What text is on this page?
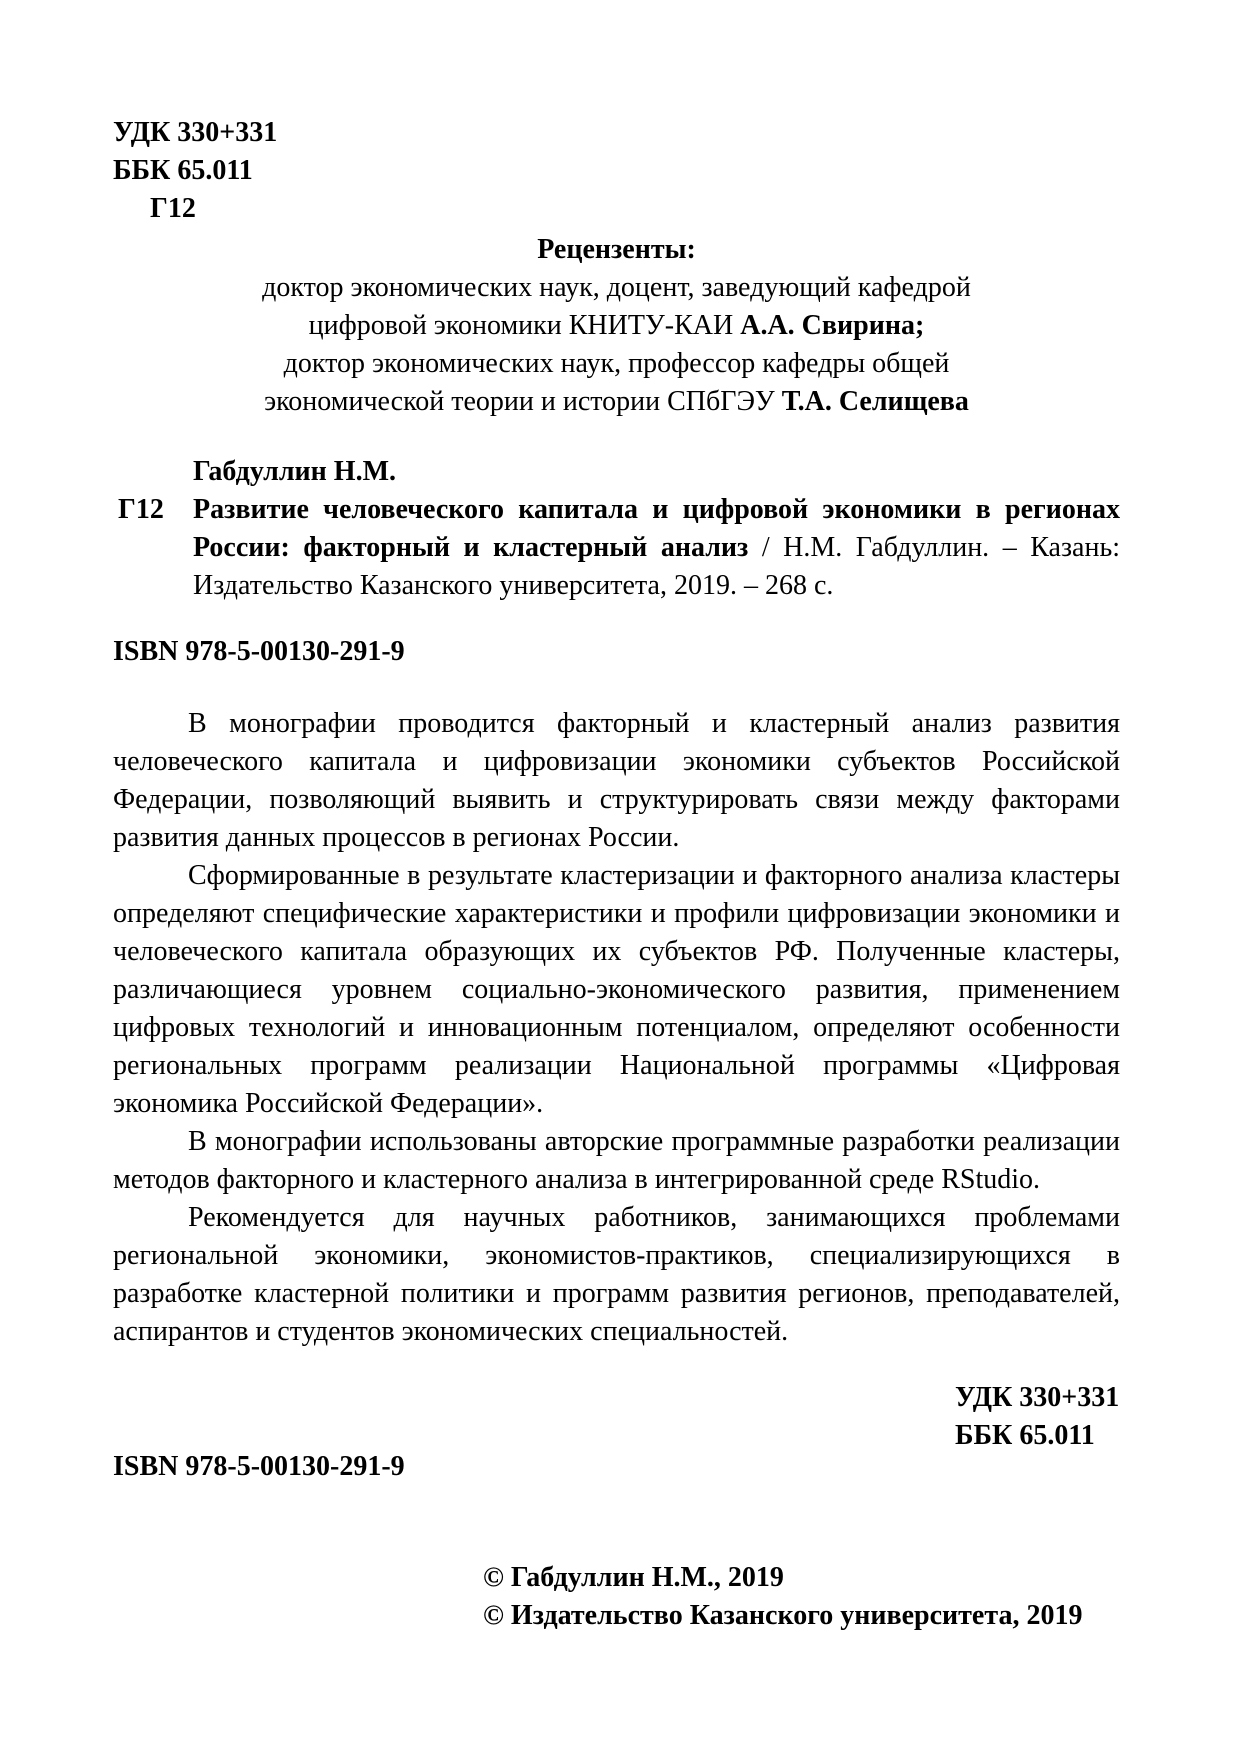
УДК 330+331
ББК 65.011
Г12
Рецензенты:
доктор экономических наук, доцент, заведующий кафедрой
цифровой экономики КНИТУ-КАИ А.А. Свирина;
доктор экономических наук, профессор кафедры общей
экономической теории и истории СПбГЭУ Т.А. Селищева
Габдуллин Н.М.
Г12 Развитие человеческого капитала и цифровой экономики в регионах России: факторный и кластерный анализ / Н.М. Габдуллин. – Казань: Издательство Казанского университета, 2019. – 268 с.
ISBN 978-5-00130-291-9

В монографии проводится факторный и кластерный анализ развития человеческого капитала и цифровизации экономики субъектов Российской Федерации, позволяющий выявить и структурировать связи между факторами развития данных процессов в регионах России.

Сформированные в результате кластеризации и факторного анализа кластеры определяют специфические характеристики и профили цифровизации экономики и человеческого капитала образующих их субъектов РФ. Полученные кластеры, различающиеся уровнем социально-экономического развития, применением цифровых технологий и инновационным потенциалом, определяют особенности региональных программ реализации Национальной программы «Цифровая экономика Российской Федерации».

В монографии использованы авторские программные разработки реализации методов факторного и кластерного анализа в интегрированной среде RStudio.

Рекомендуется для научных работников, занимающихся проблемами региональной экономики, экономистов-практиков, специализирующихся в разработке кластерной политики и программ развития регионов, преподавателей, аспирантов и студентов экономических специальностей.

УДК 330+331
ББК 65.011
ISBN 978-5-00130-291-9
© Габдуллин Н.М., 2019
© Издательство Казанского университета, 2019
